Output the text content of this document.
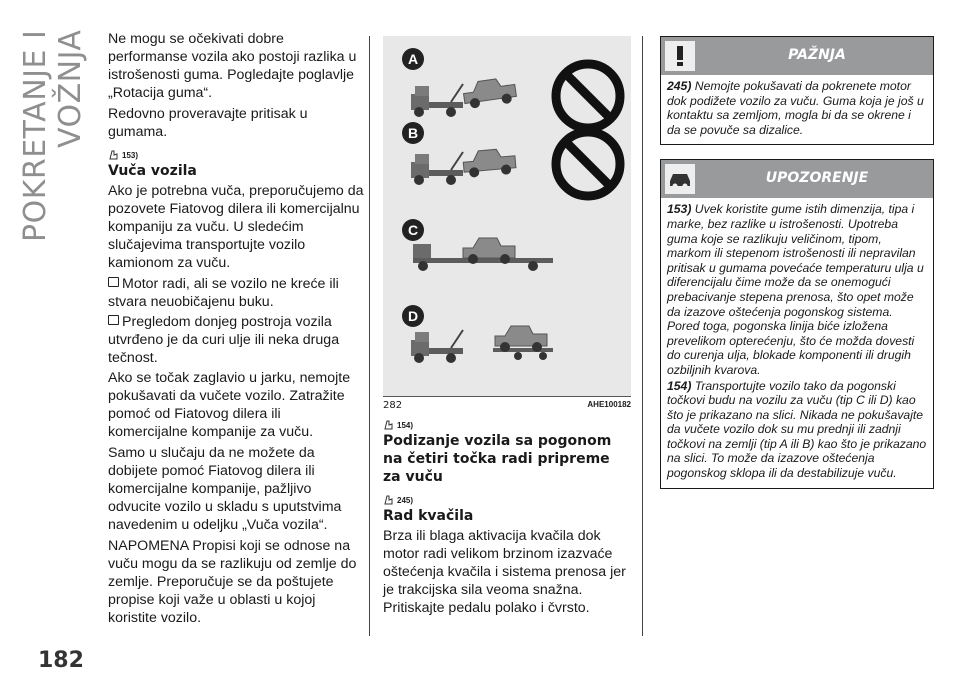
POKRETANJE I VOŽNJA
182

Ne mogu se očekivati dobre performanse vozila ako postoji razlika u istrošenosti guma. Pogledajte poglavlje „Rotacija guma“.

Redovno proveravajte pritisak u gumama.

153)
Vuča vozila

Ako je potrebna vuča, preporučujemo da pozovete Fiatovog dilera ili komercijalnu kompaniju za vuču. U sledećim slučajevima transportujte vozilo kamionom za vuču.

Motor radi, ali se vozilo ne kreće ili stvara neuobičajenu buku.
Pregledom donjeg postroja vozila utvrđeno je da curi ulje ili neka druga tečnost.

Ako se točak zaglavio u jarku, nemojte pokušavati da vučete vozilo. Zatražite pomoć od Fiatovog dilera ili komercijalne kompanije za vuču.

Samo u slučaju da ne možete da dobijete pomoć Fiatovog dilera ili komercijalne kompanije, pažljivo odvucite vozilo u skladu s uputstvima navedenim u odeljku „Vuča vozila“.

NAPOMENA Propisi koji se odnose na vuču mogu da se razlikuju od zemlje do zemlje. Preporučuje se da poštujete propise koji važe u oblasti u kojoj koristite vozilo.

A
B
C
D
282	AHE100182
154)
Podizanje vozila sa pogonom na četiri točka radi pripreme za vuču
245)
Rad kvačila

Brza ili blaga aktivacija kvačila dok motor radi velikom brzinom izazvaće oštećenja kvačila i sistema prenosa jer je trakcijska sila veoma snažna. Pritiskajte pedalu polako i čvrsto.

PAŽNJA

245) Nemojte pokušavati da pokrenete motor dok podižete vozilo za vuču. Guma koja je još u kontaktu sa zemljom, mogla bi da se okrene i da se povuče sa dizalice.

UPOZORENJE

153) Uvek koristite gume istih dimenzija, tipa i marke, bez razlike u istrošenosti. Upotreba guma koje se razlikuju veličinom, tipom, markom ili stepenom istrošenosti ili nepravilan pritisak u gumama povećaće temperaturu ulja u diferencijalu čime može da se onemogući prebacivanje stepena prenosa, što opet može da izazove oštećenja pogonskog sistema. Pored toga, pogonska linija biće izložena prevelikom opterećenju, što će možda dovesti do curenja ulja, blokade komponenti ili drugih ozbiljnih kvarova.

154) Transportujte vozilo tako da pogonski točkovi budu na vozilu za vuču (tip C ili D) kao što je prikazano na slici. Nikada ne pokušavajte da vučete vozilo dok su mu prednji ili zadnji točkovi na zemlji (tip A ili B) kao što je prikazano na slici. To može da izazove oštećenja pogonskog sklopa ili da destabilizuje vuču.
